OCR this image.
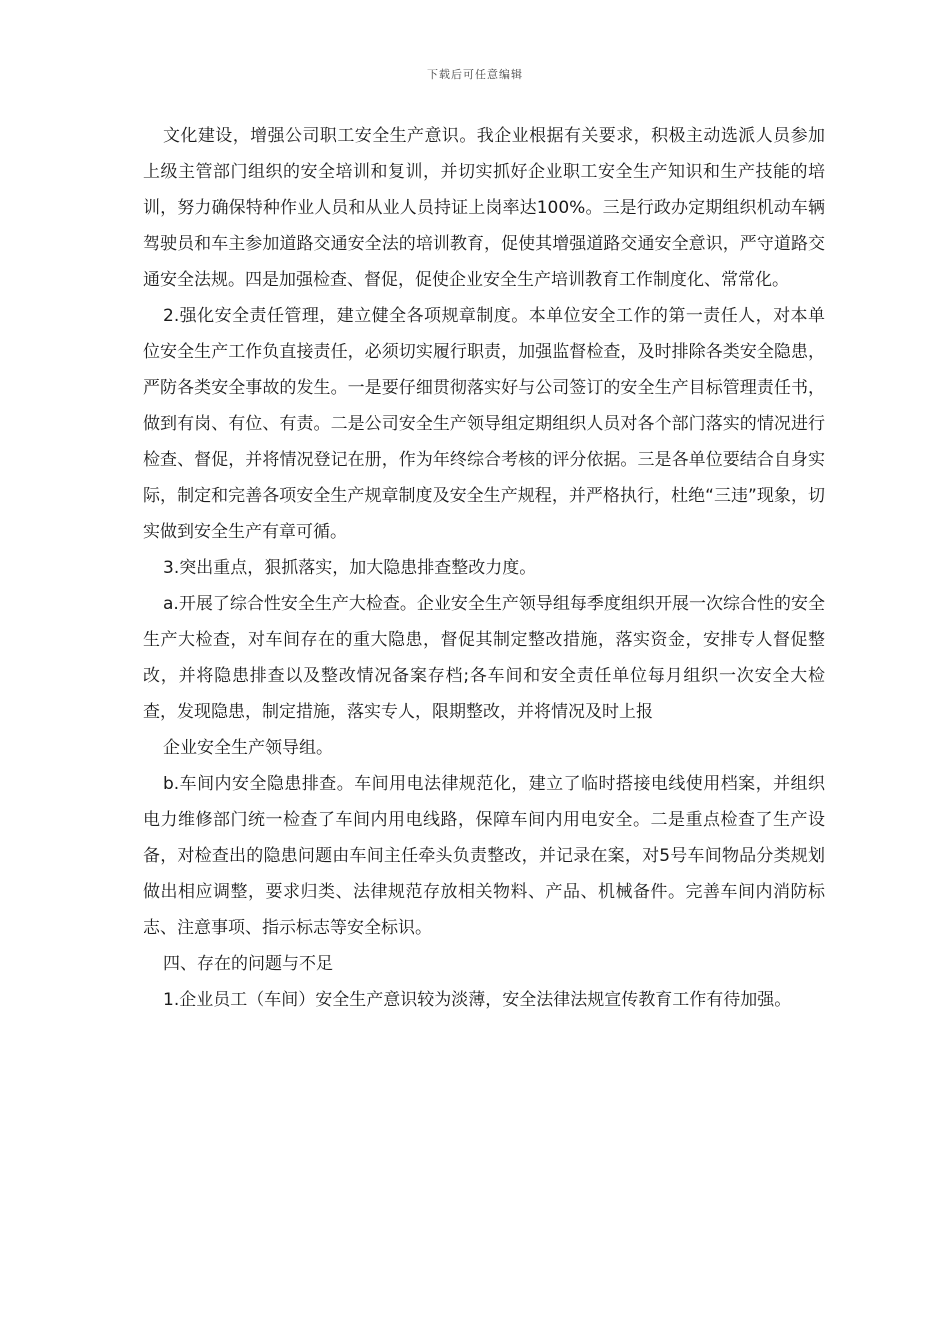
下载后可任意编辑

文化建设，增强公司职工安全生产意识。我企业根据有关要求，积极主动选派人员参加上级主管部门组织的安全培训和复训，并切实抓好企业职工安全生产知识和生产技能的培训，努力确保特种作业人员和从业人员持证上岗率达100%。三是行政办定期组织机动车辆驾驶员和车主参加道路交通安全法的培训教育，促使其增强道路交通安全意识，严守道路交通安全法规。四是加强检查、督促，促使企业安全生产培训教育工作制度化、常常化。

2.强化安全责任管理，建立健全各项规章制度。本单位安全工作的第一责任人，对本单位安全生产工作负直接责任，必须切实履行职责，加强监督检查，及时排除各类安全隐患，严防各类安全事故的发生。一是要仔细贯彻落实好与公司签订的安全生产目标管理责任书，做到有岗、有位、有责。二是公司安全生产领导组定期组织人员对各个部门落实的情况进行检查、督促，并将情况登记在册，作为年终综合考核的评分依据。三是各单位要结合自身实际，制定和完善各项安全生产规章制度及安全生产规程，并严格执行，杜绝“三违”现象，切实做到安全生产有章可循。

3.突出重点，狠抓落实，加大隐患排查整改力度。

a.开展了综合性安全生产大检查。企业安全生产领导组每季度组织开展一次综合性的安全生产大检查，对车间存在的重大隐患，督促其制定整改措施，落实资金，安排专人督促整改，并将隐患排查以及整改情况备案存档;各车间和安全责任单位每月组织一次安全大检查，发现隐患，制定措施，落实专人，限期整改，并将情况及时上报

企业安全生产领导组。

b.车间内安全隐患排查。车间用电法律规范化，建立了临时搭接电线使用档案，并组织电力维修部门统一检查了车间内用电线路，保障车间内用电安全。二是重点检查了生产设备，对检查出的隐患问题由车间主任牵头负责整改，并记录在案，对5号车间物品分类规划做出相应调整，要求归类、法律规范存放相关物料、产品、机械备件。完善车间内消防标志、注意事项、指示标志等安全标识。

四、存在的问题与不足

1.企业员工（车间）安全生产意识较为淡薄，安全法律法规宣传教育工作有待加强。
